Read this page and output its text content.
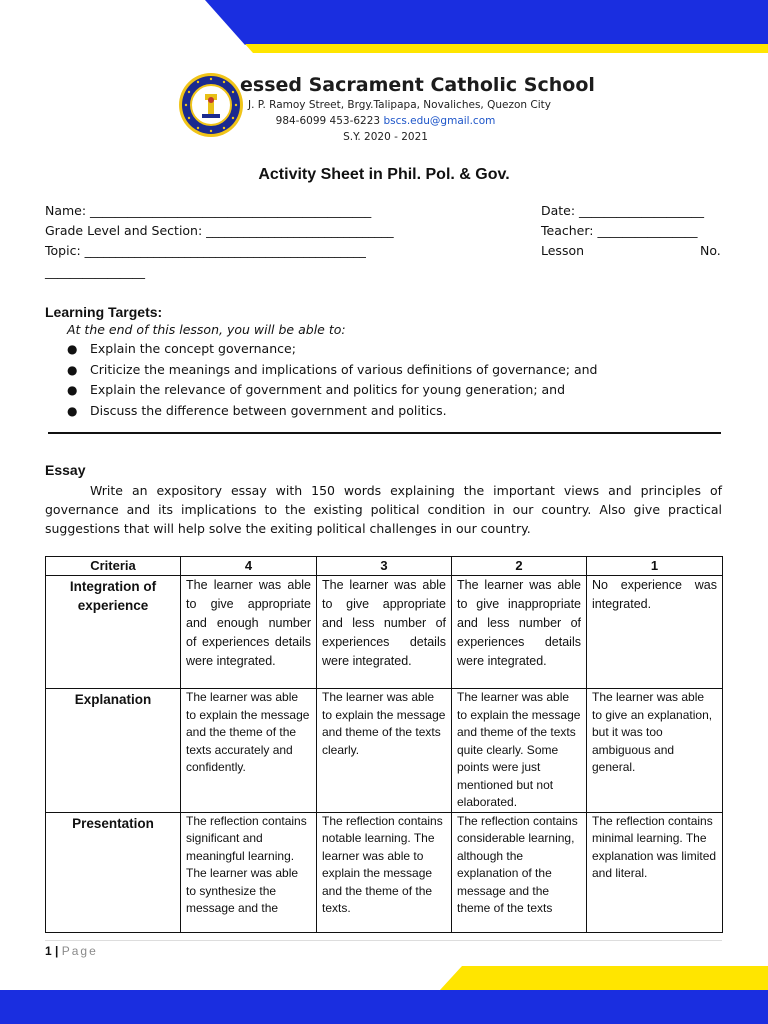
essed Sacrament Catholic School
J. P. Ramoy Street, Brgy.Talipapa, Novaliches, Quezon City
984-6099 453-6223 bscs.edu@gmail.com
S.Y. 2020 - 2021
Activity Sheet in Phil. Pol. & Gov.
Name: _____________________________________________
Grade Level and Section: ______________________________
Topic: _____________________________________________
________________
Date: ____________________
Teacher: ________________
Lesson	No.
Learning Targets:
At the end of this lesson, you will be able to:
● Explain the concept governance;
● Criticize the meanings and implications of various definitions of governance; and
● Explain the relevance of government and politics for young generation; and
● Discuss the difference between government and politics.
Essay
Write an expository essay with 150 words explaining the important views and principles of governance and its implications to the existing political condition in our country. Also give practical suggestions that will help solve the exiting political challenges in our country.
Criteria	4	3	2	1
Integration of experience	The learner was able to give appropriate and enough number of experiences details were integrated.	The learner was able to give appropriate and less number of experiences details were integrated.	The learner was able to give inappropriate and less number of experiences details were integrated.	No experience was integrated.
Explanation	The learner was able to explain the message and the theme of the texts accurately and confidently.	The learner was able to explain the message and theme of the texts clearly.	The learner was able to explain the message and theme of the texts quite clearly. Some points were just mentioned but not elaborated.	The learner was able to give an explanation, but it was too ambiguous and general.
Presentation	The reflection contains significant and meaningful learning. The learner was able to synthesize the message and the	The reflection contains notable learning. The learner was able to explain the message and the theme of the texts.	The reflection contains considerable learning, although the explanation of the message and the theme of the texts	The reflection contains minimal learning. The explanation was limited and literal.
1 | Page
